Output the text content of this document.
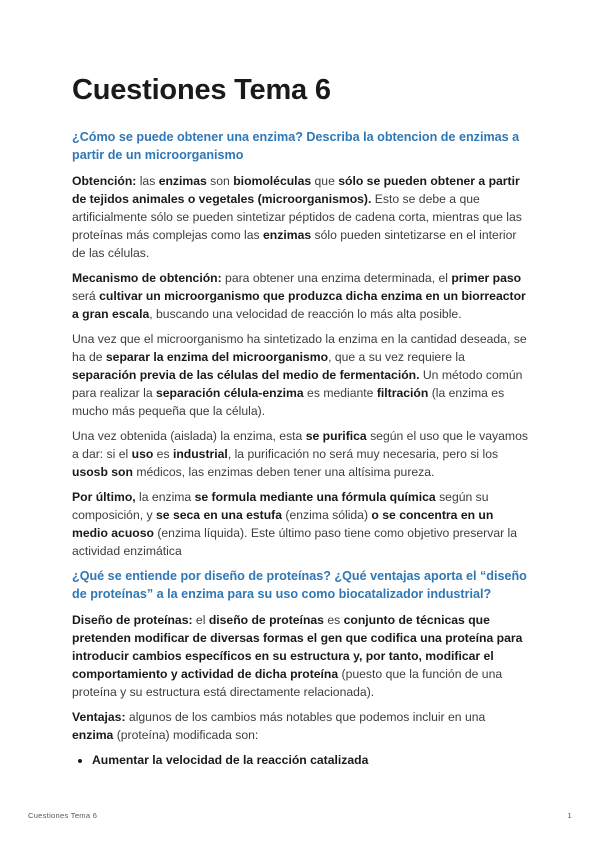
Cuestiones Tema 6
¿Cómo se puede obtener una enzima? Describa la obtencion de enzimas a partir de un microorganismo

Obtención: las enzimas son biomoléculas que sólo se pueden obtener a partir de tejidos animales o vegetales (microorganismos). Esto se debe a que artificialmente sólo se pueden sintetizar péptidos de cadena corta, mientras que las proteínas más complejas como las enzimas sólo pueden sintetizarse en el interior de las células.

Mecanismo de obtención: para obtener una enzima determinada, el primer paso será cultivar un microorganismo que produzca dicha enzima en un biorreactor a gran escala, buscando una velocidad de reacción lo más alta posible.

Una vez que el microorganismo ha sintetizado la enzima en la cantidad deseada, se ha de separar la enzima del microorganismo, que a su vez requiere la separación previa de las células del medio de fermentación. Un método común para realizar la separación célula-enzima es mediante filtración (la enzima es mucho más pequeña que la célula).

Una vez obtenida (aislada) la enzima, esta se purifica según el uso que le vayamos a dar: si el uso es industrial, la purificación no será muy necesaria, pero si los usosb son médicos, las enzimas deben tener una altísima pureza.

Por último, la enzima se formula mediante una fórmula química según su composición, y se seca en una estufa (enzima sólida) o se concentra en un medio acuoso (enzima líquida). Este último paso tiene como objetivo preservar la actividad enzimática

¿Qué se entiende por diseño de proteínas? ¿Qué ventajas aporta el “diseño de proteínas” a la enzima para su uso como biocatalizador industrial?

Diseño de proteínas: el diseño de proteínas es conjunto de técnicas que pretenden modificar de diversas formas el gen que codifica una proteína para introducir cambios específicos en su estructura y, por tanto, modificar el comportamiento y actividad de dicha proteína (puesto que la función de una proteína y su estructura está directamente relacionada).

Ventajas: algunos de los cambios más notables que podemos incluir en una enzima (proteína) modificada son:

• Aumentar la velocidad de la reacción catalizada
Cuestiones Tema 6	1
